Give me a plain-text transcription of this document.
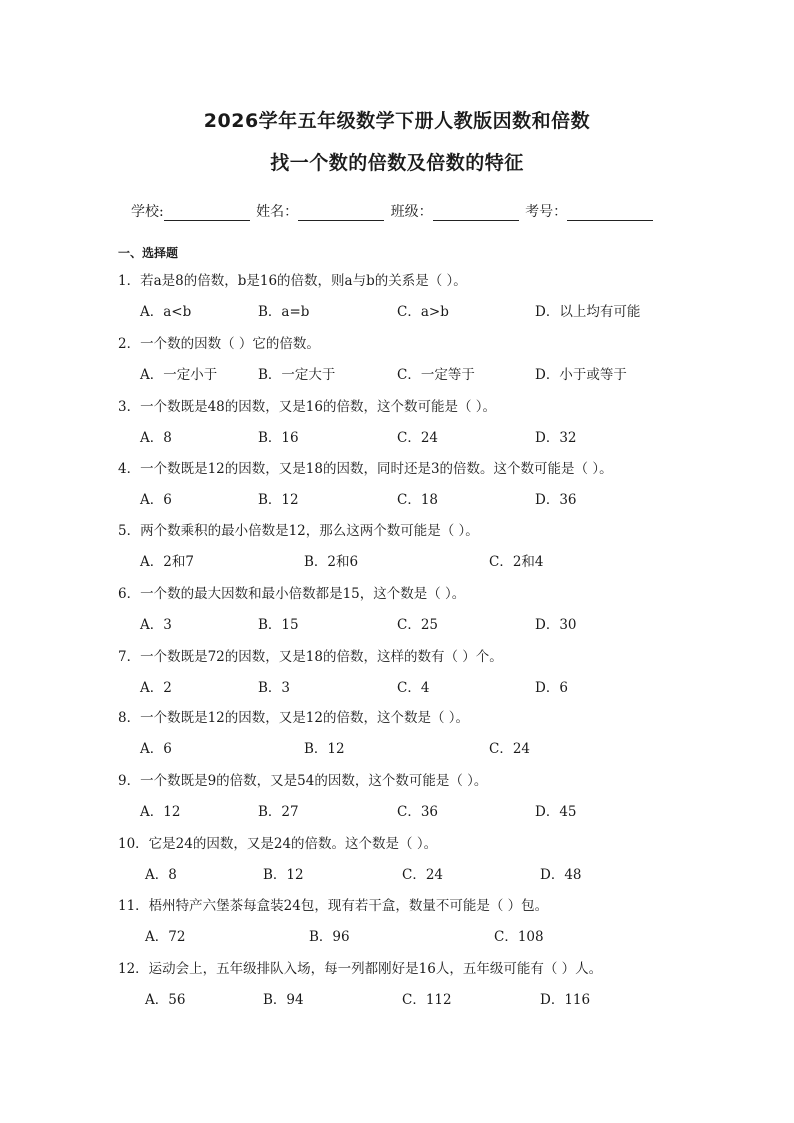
2026学年五年级数学下册人教版因数和倍数
找一个数的倍数及倍数的特征
学校:	姓名：	班级：	考号：
一、选择题
1．若a是8的倍数，b是16的倍数，则a与b的关系是（ ）。
A．a<b	B．a=b	C．a>b	D．以上均有可能
2．一个数的因数（ ）它的倍数。
A．一定小于	B．一定大于	C．一定等于	D．小于或等于
3．一个数既是48的因数，又是16的倍数，这个数可能是（ ）。
A．8	B．16	C．24	D．32
4．一个数既是12的因数，又是18的因数，同时还是3的倍数。这个数可能是（ ）。
A．6	B．12	C．18	D．36
5．两个数乘积的最小倍数是12，那么这两个数可能是（ ）。
A．2和7	B．2和6	C．2和4
6．一个数的最大因数和最小倍数都是15，这个数是（ ）。
A．3	B．15	C．25	D．30
7．一个数既是72的因数，又是18的倍数，这样的数有（ ）个。
A．2	B．3	C．4	D．6
8．一个数既是12的因数，又是12的倍数，这个数是（ ）。
A．6	B．12	C．24
9．一个数既是9的倍数，又是54的因数，这个数可能是（ ）。
A．12	B．27	C．36	D．45
10．它是24的因数，又是24的倍数。这个数是（ ）。
A．8	B．12	C．24	D．48
11．梧州特产六堡茶每盒装24包，现有若干盒，数量不可能是（ ）包。
A．72	B．96	C．108
12．运动会上，五年级排队入场，每一列都刚好是16人，五年级可能有（ ）人。
A．56	B．94	C．112	D．116
